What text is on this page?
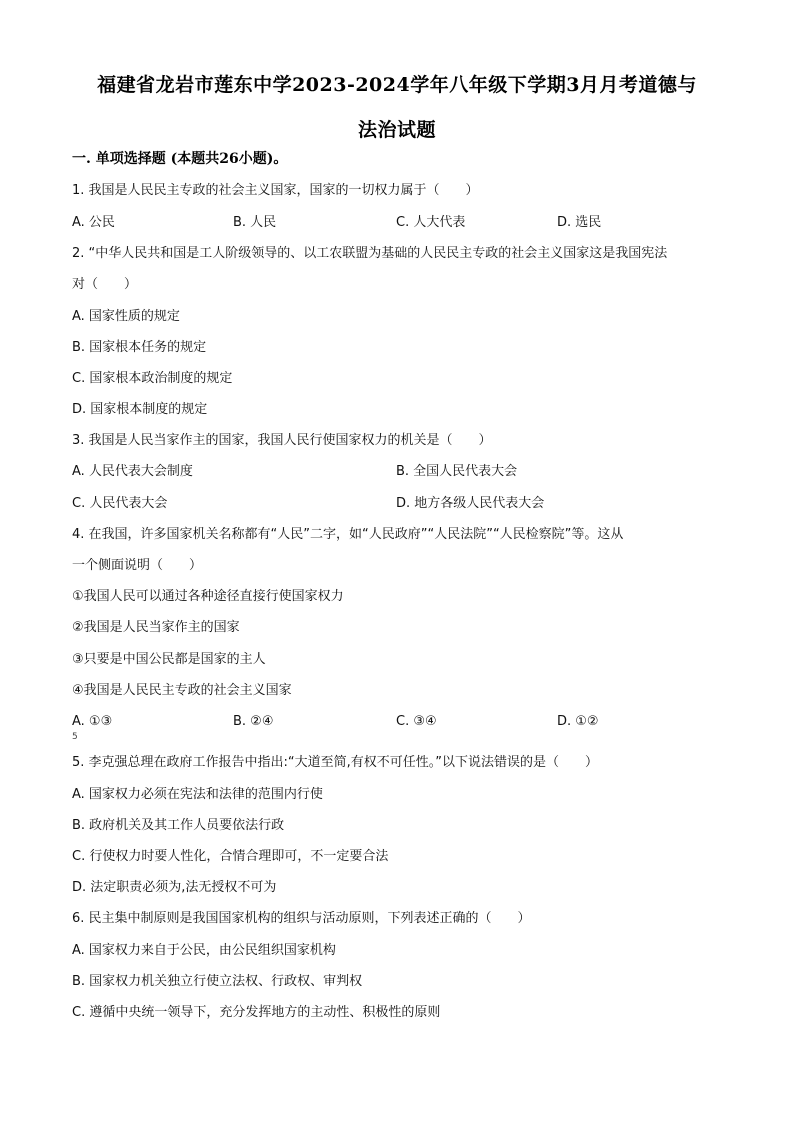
福建省龙岩市莲东中学2023-2024学年八年级下学期3月月考道德与
法治试题
一. 单项选择题 (本题共26小题)。
1. 我国是人民民主专政的社会主义国家，国家的一切权力属于（　　）
A. 公民	B. 人民	C. 人大代表	D. 选民
2. “中华人民共和国是工人阶级领导的、以工农联盟为基础的人民民主专政的社会主义国家这是我国宪法
对（　　）
A. 国家性质的规定
B. 国家根本任务的规定
C. 国家根本政治制度的规定
D. 国家根本制度的规定
3. 我国是人民当家作主的国家，我国人民行使国家权力的机关是（　　）
A. 人民代表大会制度	B. 全国人民代表大会
C. 人民代表大会	D. 地方各级人民代表大会
4. 在我国，许多国家机关名称都有“人民”二字，如“人民政府”“人民法院”“人民检察院”等。这从
一个侧面说明（　　）
①我国人民可以通过各种途径直接行使国家权力
②我国是人民当家作主的国家
③只要是中国公民都是国家的主人
④我国是人民民主专政的社会主义国家
A. ①③	B. ②④	C. ③④	D. ①②
5
5. 李克强总理在政府工作报告中指出:“大道至简,有权不可任性。”以下说法错误的是（　　）
A. 国家权力必须在宪法和法律的范围内行使
B. 政府机关及其工作人员要依法行政
C. 行使权力时要人性化，合情合理即可，不一定要合法
D. 法定职责必须为,法无授权不可为
6. 民主集中制原则是我国国家机构的组织与活动原则，下列表述正确的（　　）
A. 国家权力来自于公民，由公民组织国家机构
B. 国家权力机关独立行使立法权、行政权、审判权
C. 遵循中央统一领导下，充分发挥地方的主动性、积极性的原则
